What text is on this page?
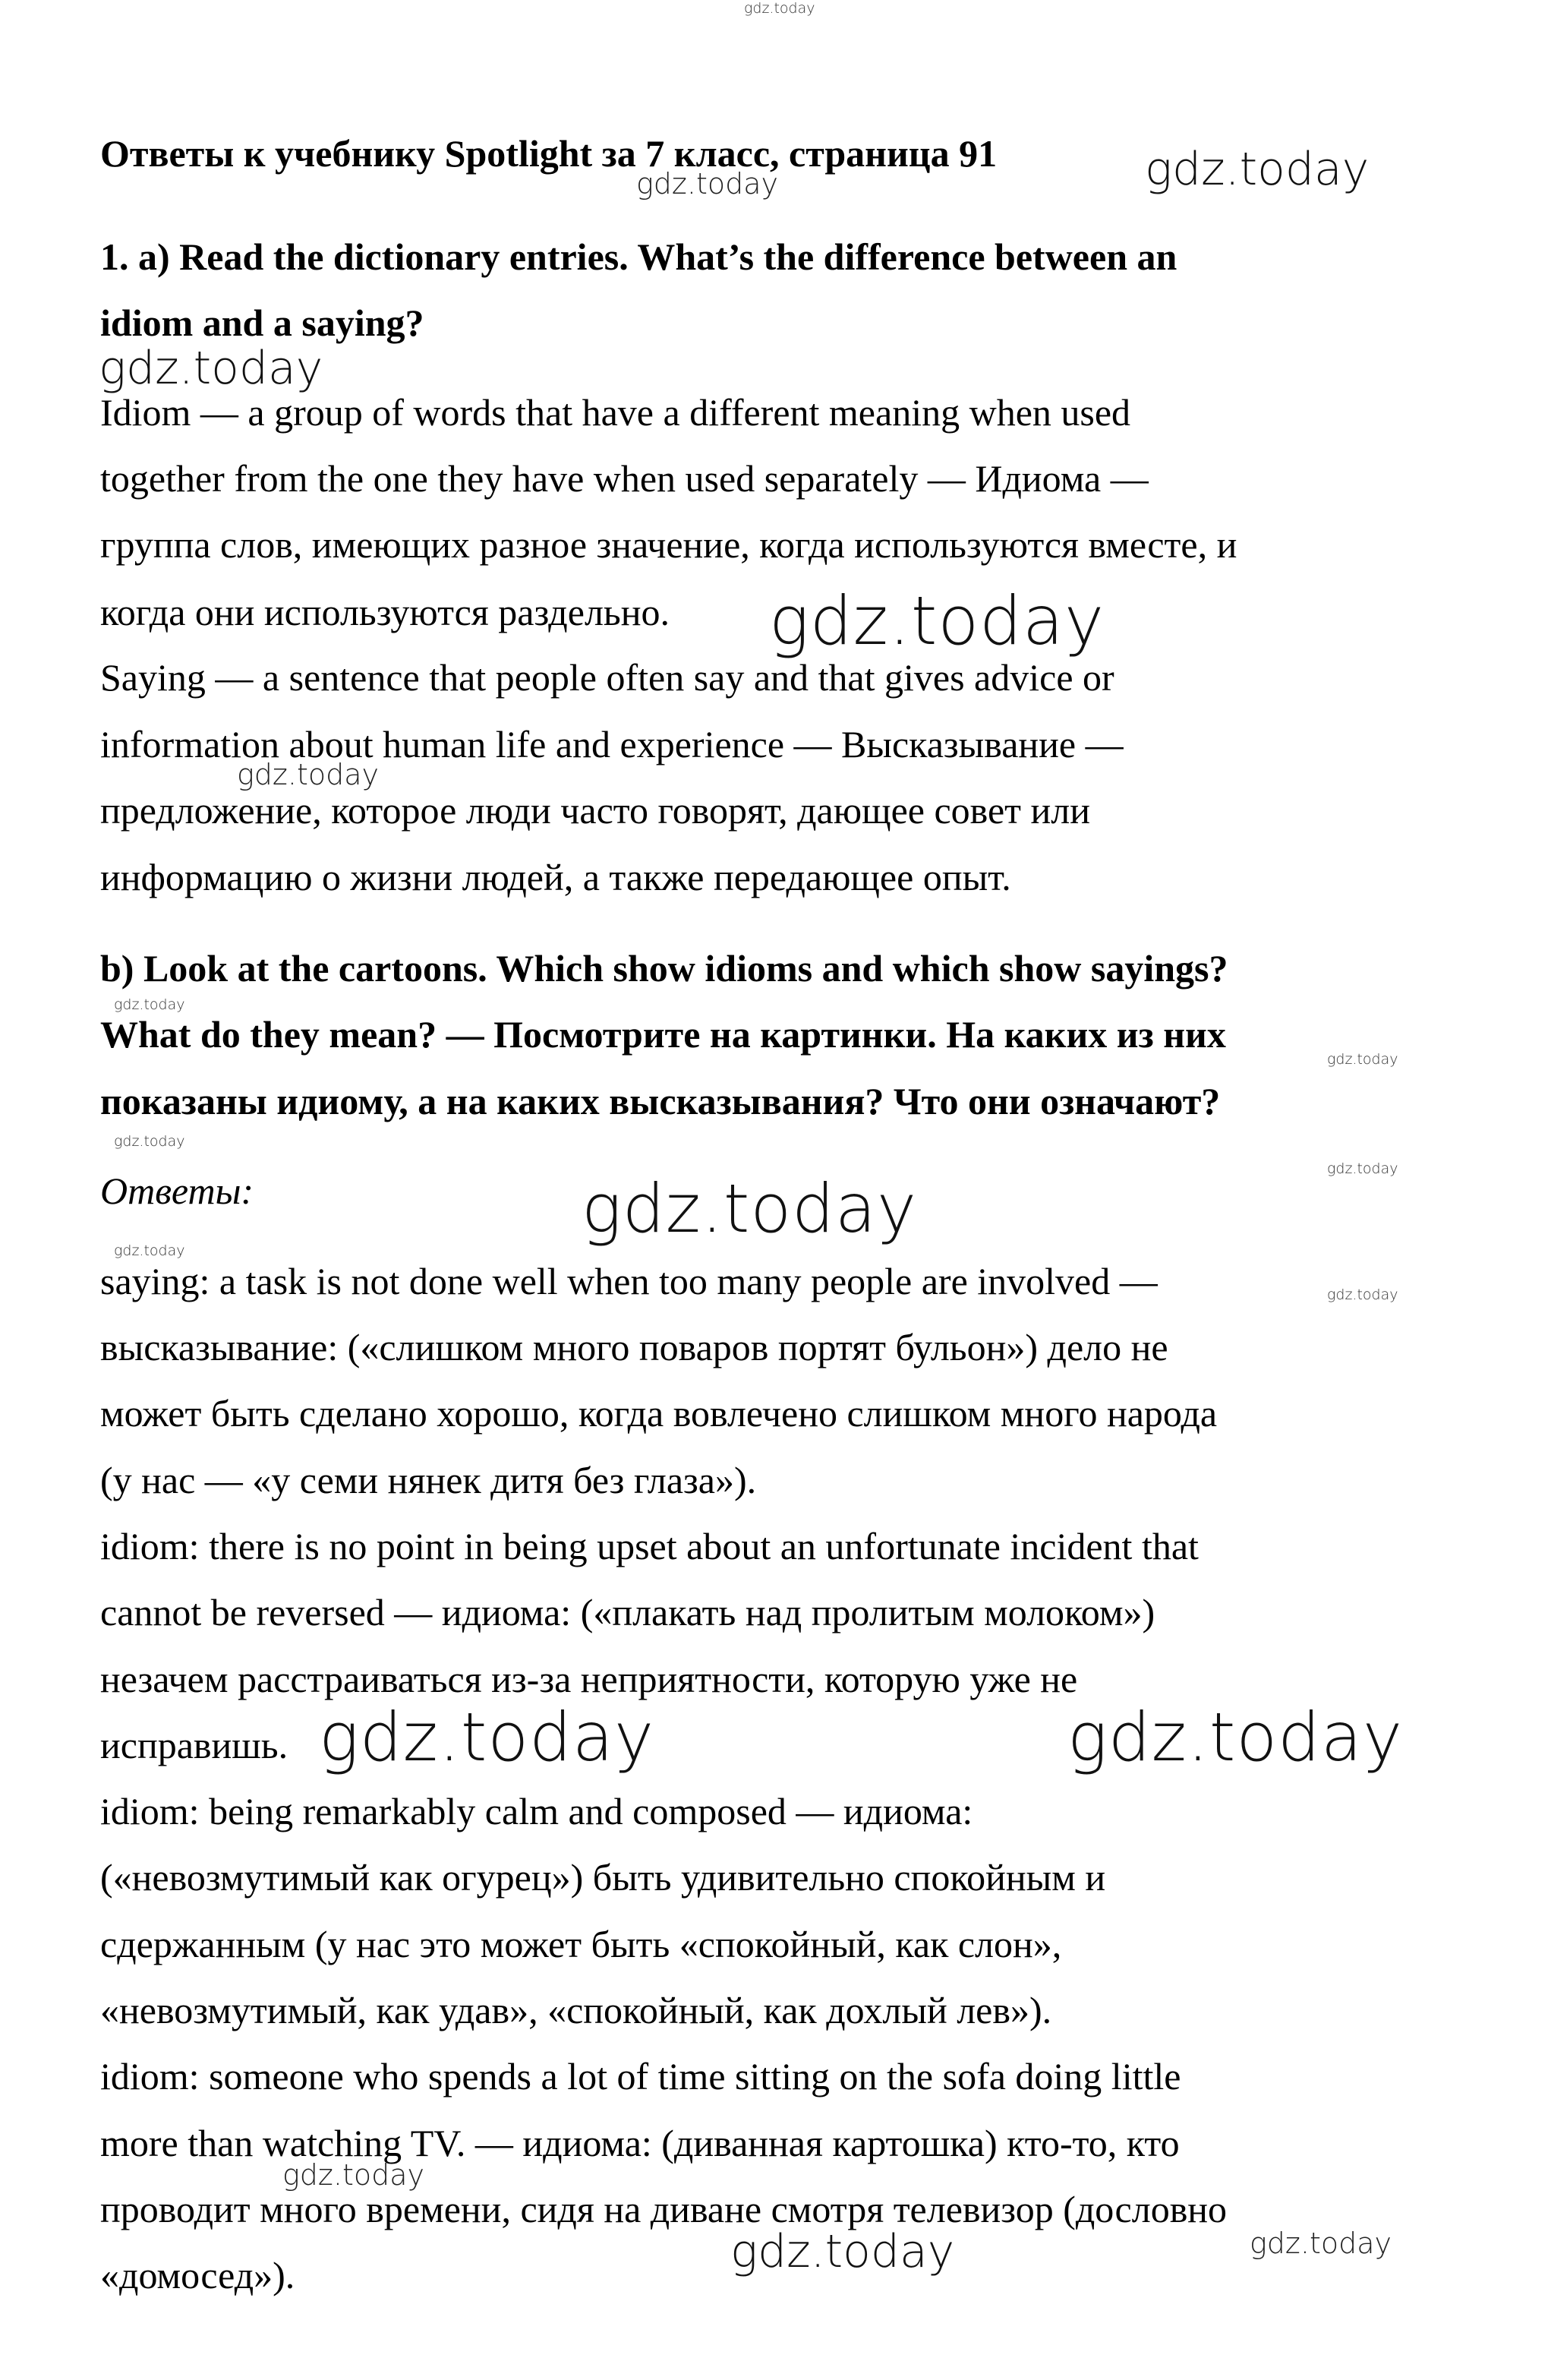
Ответы к учебнику Spotlight за 7 класс, страница 91
1. a) Read the dictionary entries. What’s the difference between an
idiom and a saying?
Idiom — a group of words that have a different meaning when used
together from the one they have when used separately — Идиома —
группа слов, имеющих разное значение, когда используются вместе, и
когда они используются раздельно.
Saying — a sentence that people often say and that gives advice or
information about human life and experience — Высказывание —
предложение, которое люди часто говорят, дающее совет или
информацию о жизни людей, а также передающее опыт.
b) Look at the cartoons. Which show idioms and which show sayings?
What do they mean? — Посмотрите на картинки. На каких из них
показаны идиому, а на каких высказывания? Что они означают?
Ответы:
saying: a task is not done well when too many people are involved —
высказывание: («слишком много поваров портят бульон») дело не
может быть сделано хорошо, когда вовлечено слишком много народа
(у нас — «у семи нянек дитя без глаза»).
idiom: there is no point in being upset about an unfortunate incident that
cannot be reversed — идиома: («плакать над пролитым молоком»)
незачем расстраиваться из-за неприятности, которую уже не
исправишь.
idiom: being remarkably calm and composed — идиома:
(«невозмутимый как огурец») быть удивительно спокойным и
сдержанным (у нас это может быть «спокойный, как слон»,
«невозмутимый, как удав», «спокойный, как дохлый лев»).
idiom: someone who spends a lot of time sitting on the sofa doing little
more than watching TV. — идиома: (диванная картошка) кто-то, кто
проводит много времени, сидя на диване смотря телевизор (дословно
«домосед»).
gdz.today
gdz.today	gdz.today
gdz.today
gdz.today
gdz.today
gdz.today
gdz.today
gdz.today
gdz.today
gdz.today
gdz.today
gdz.today
gdz.today	gdz.today
gdz.today
gdz.today	gdz.today
